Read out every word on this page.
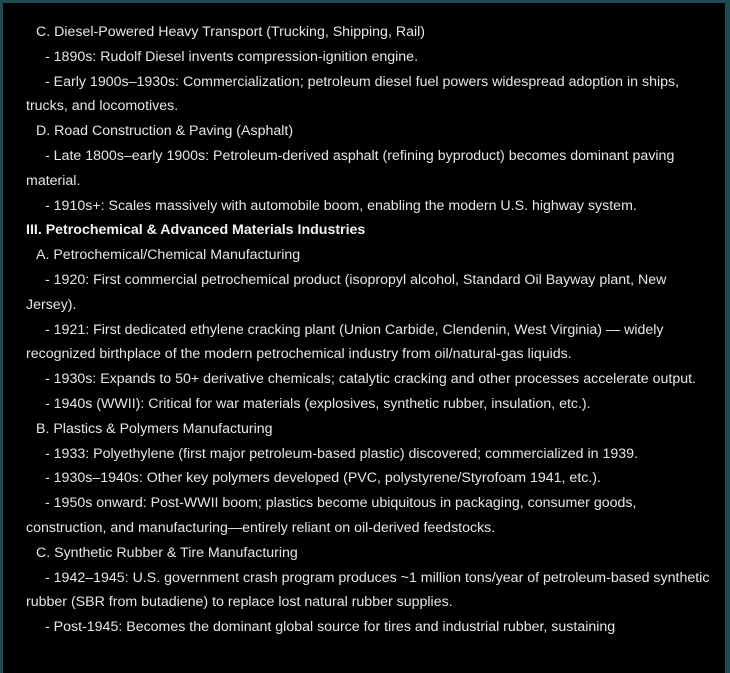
C. Diesel-Powered Heavy Transport (Trucking, Shipping, Rail)

- 1890s: Rudolf Diesel invents compression-ignition engine.

- Early 1900s–1930s: Commercialization; petroleum diesel fuel powers widespread adoption in ships, trucks, and locomotives.

D. Road Construction & Paving (Asphalt)

- Late 1800s–early 1900s: Petroleum-derived asphalt (refining byproduct) becomes dominant paving material.

- 1910s+: Scales massively with automobile boom, enabling the modern U.S. highway system.

III. Petrochemical & Advanced Materials Industries

A. Petrochemical/Chemical Manufacturing

- 1920: First commercial petrochemical product (isopropyl alcohol, Standard Oil Bayway plant, New Jersey).

- 1921: First dedicated ethylene cracking plant (Union Carbide, Clendenin, West Virginia) — widely recognized birthplace of the modern petrochemical industry from oil/natural-gas liquids.

- 1930s: Expands to 50+ derivative chemicals; catalytic cracking and other processes accelerate output.

- 1940s (WWII): Critical for war materials (explosives, synthetic rubber, insulation, etc.).

B. Plastics & Polymers Manufacturing

- 1933: Polyethylene (first major petroleum-based plastic) discovered; commercialized in 1939.

- 1930s–1940s: Other key polymers developed (PVC, polystyrene/Styrofoam 1941, etc.).

- 1950s onward: Post-WWII boom; plastics become ubiquitous in packaging, consumer goods, construction, and manufacturing—entirely reliant on oil-derived feedstocks.

C. Synthetic Rubber & Tire Manufacturing

- 1942–1945: U.S. government crash program produces ~1 million tons/year of petroleum-based synthetic rubber (SBR from butadiene) to replace lost natural rubber supplies.

- Post-1945: Becomes the dominant global source for tires and industrial rubber, sustaining
